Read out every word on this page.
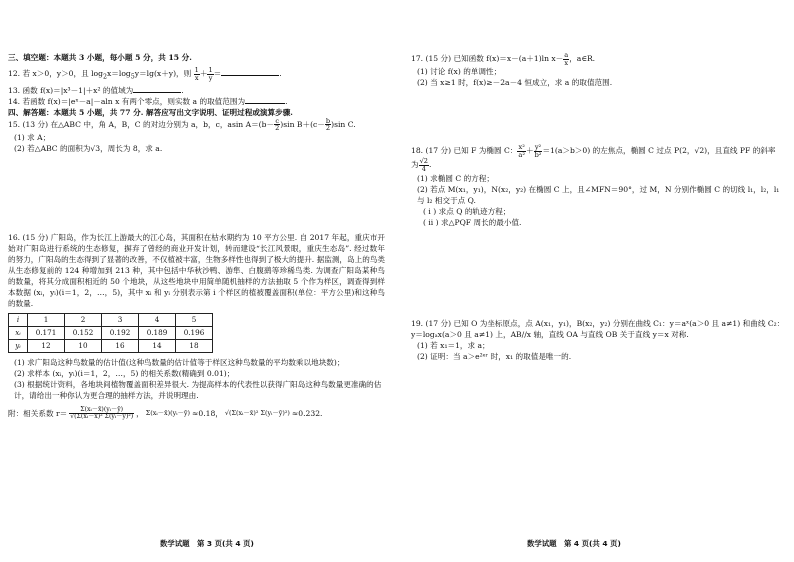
三、填空题：本题共 3 小题，每小题 5 分，共 15 分.

12. 若 x＞0，y＞0，且 $\log_2x=\log_5y=\lg(x+y)$，则 $\frac{1}{x} + \frac{1}{y}$ ＝	.

13. 函数 f(x)＝|x³－1|＋x² 的值域为	.

14. 若函数 f(x)＝|eˣ－a|－aln x 有两个零点，则实数 a 的取值范围为	.

四、解答题：本题共 5 小题，共 77 分. 解答应写出文字说明、证明过程或演算步骤.

15. (13 分) 在△ABC 中，角 A，B，C 的对边分别为 a，b，c，asin $A=(b- \frac{c}{2} )\sin$ $B+(c- \frac{b}{2} )\sin$ C.

(1) 求 A；

(2) 若△ABC 的面积为√3，周长为 8，求 a.

16. (15 分) 广阳岛，作为长江上游最大的江心岛，其面积在枯水期约为 10 平方公里. 自 2017 年起，重庆市开始对广阳岛进行系统的生态修复，摒弃了曾经的商业开发计划，转而建设“长江风景眼，重庆生态岛”. 经过数年的努力，广阳岛的生态得到了显著的改善，不仅植被丰富，生物多样性也得到了极大的提升. 据监测，岛上的鸟类从生态修复前的 124 种增加到 213 种，其中包括中华秋沙鸭、游隼、白腹鹞等珍稀鸟类. 为调查广阳岛某种鸟的数量，将其分成面积相近的 50 个地块，从这些地块中用简单随机抽样的方法抽取 5 个作为样区，调查得到样本数据 (xᵢ，yᵢ)(i＝1，2，…，5)，其中 xᵢ 和 yᵢ 分别表示第 i 个样区的植被覆盖面积(单位：平方公里)和这种鸟的数量.

i	1	2	3	4	5
xᵢ	0.171	0.152	0.192	0.189	0.196
yᵢ	12	10	16	14	18

(1) 求广阳岛这种鸟数量的估计值(这种鸟数量的估计值等于样区这种鸟数量的平均数乘以地块数)；

(2) 求样本 (xᵢ，yᵢ)(i＝1，2，…，5) 的相关系数(精确到 0.01)；

(3) 根据统计资料，各地块间植物覆盖面积差异很大. 为提高样本的代表性以获得广阳岛这种鸟数量更准确的估计，请给出一种你认为更合理的抽样方法，并说明理由.

附：相关系数 $r= \frac{\text{Σ(xᵢ－x̄)(yᵢ－ȳ)}}{\text{√(Σ(xᵢ－x̄)² Σ(yᵢ－ȳ)²)}}$ ， Σ(xᵢ－x̄)(yᵢ－ȳ) ≈0.18， √(Σ(xᵢ－x̄)² Σ(yᵢ－ȳ)²) ≈0.232.
数学试题　第 3 页(共 4 页)

17. (15 分) 已知函数 f(x)＝x－(a＋1)ln $x- \frac{a}{x}$ ，a∈R.

(1) 讨论 f(x) 的单调性；

(2) 当 x≥1 时，f(x)≥－2a－4 恒成立，求 a 的取值范围.

18. (17 分) 已知 F 为椭圆 C： $\frac{\text{x²}}{\text{a²}} + \frac{\text{y²}}{\text{b²}} =1(a>b>0)$ 的左焦点，椭圆 C 过点 P(2，√2)，且直线 PF 的斜率

为 $\frac{√2}{4}$ .

(1) 求椭圆 C 的方程；

(2) 若点 M(x₁，y₁)，N(x₂，y₂) 在椭圆 C 上，且∠MFN＝90°，过 M，N 分别作椭圆 C 的切线 l₁，l₂，l₁ 与 l₂ 相交于点 Q.

( i ) 求点 Q 的轨迹方程；

( ii ) 求△PQF 周长的最小值.

19. (17 分) 已知 O 为坐标原点，点 A(x₁，y₁)，B(x₂，y₂) 分别在曲线 C₁：y＝aˣ(a＞0 且 a≠1) 和曲线 C₂：y＝logₐx(a＞0 且 a≠1) 上，AB//x 轴，直线 OA 与直线 OB 关于直线 y＝x 对称.

(1) 若 x₁＝1，求 a；

(2) 证明：当 a＞e²ᵉʳ 时，x₁ 的取值是唯一的.

数学试题　第 4 页(共 4 页)
